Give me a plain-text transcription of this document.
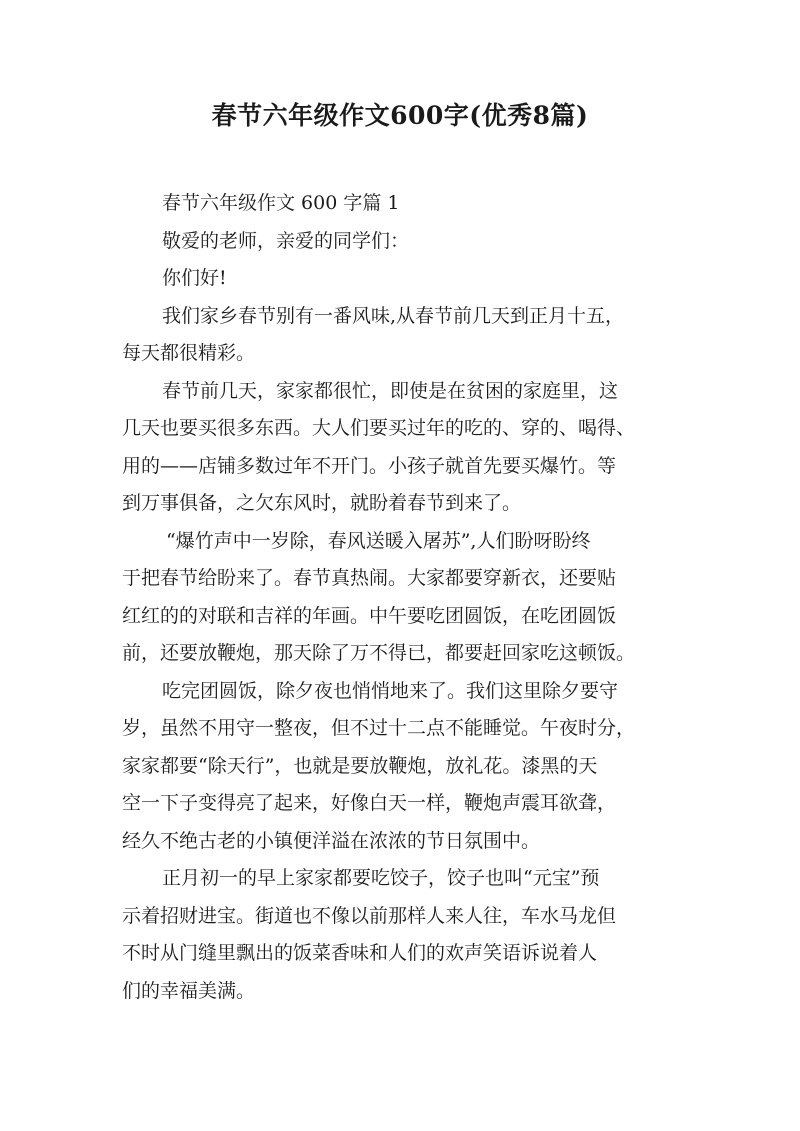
春节六年级作文600字(优秀8篇)
春节六年级作文 600 字篇 1
敬爱的老师，亲爱的同学们：
你们好!
我们家乡春节别有一番风味,从春节前几天到正月十五，
每天都很精彩。
春节前几天，家家都很忙，即使是在贫困的家庭里，这
几天也要买很多东西。大人们要买过年的吃的、穿的、喝得、
用的——店铺多数过年不开门。小孩子就首先要买爆竹。等
到万事俱备，之欠东风时，就盼着春节到来了。
“爆竹声中一岁除，春风送暖入屠苏”,人们盼呀盼终
于把春节给盼来了。春节真热闹。大家都要穿新衣，还要贴
红红的的对联和吉祥的年画。中午要吃团圆饭，在吃团圆饭
前，还要放鞭炮，那天除了万不得已，都要赶回家吃这顿饭。
吃完团圆饭，除夕夜也悄悄地来了。我们这里除夕要守
岁，虽然不用守一整夜，但不过十二点不能睡觉。午夜时分，
家家都要“除天行”，也就是要放鞭炮，放礼花。漆黑的天
空一下子变得亮了起来，好像白天一样，鞭炮声震耳欲聋，
经久不绝古老的小镇便洋溢在浓浓的节日氛围中。
正月初一的早上家家都要吃饺子，饺子也叫“元宝”预
示着招财进宝。街道也不像以前那样人来人往，车水马龙但
不时从门缝里飘出的饭菜香味和人们的欢声笑语诉说着人
们的幸福美满。
